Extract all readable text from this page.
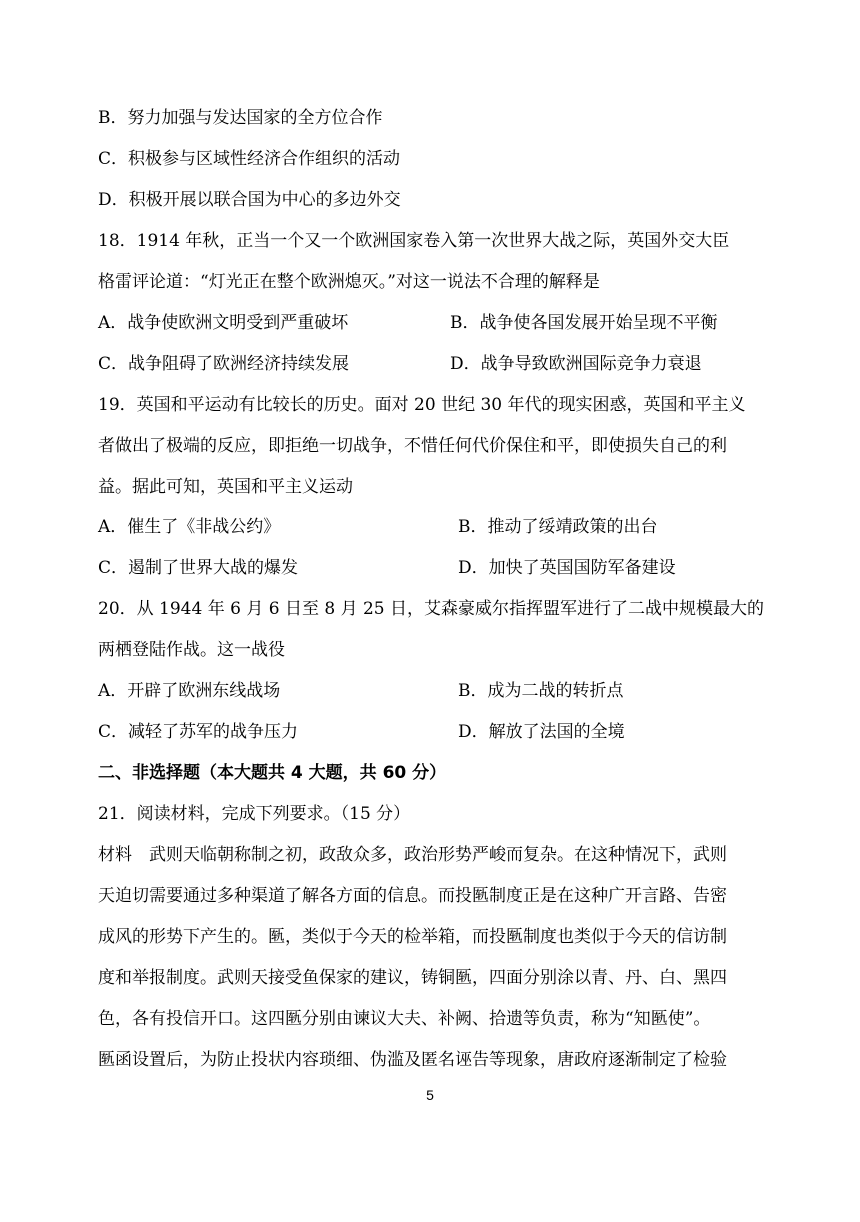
B．努力加强与发达国家的全方位合作
C．积极参与区域性经济合作组织的活动
D．积极开展以联合国为中心的多边外交
18．1914 年秋，正当一个又一个欧洲国家卷入第一次世界大战之际，英国外交大臣
格雷评论道：“灯光正在整个欧洲熄灭。”对这一说法不合理的解释是
A．战争使欧洲文明受到严重破坏	B．战争使各国发展开始呈现不平衡
C．战争阻碍了欧洲经济持续发展	D．战争导致欧洲国际竞争力衰退
19．英国和平运动有比较长的历史。面对 20 世纪 30 年代的现实困惑，英国和平主义
者做出了极端的反应，即拒绝一切战争，不惜任何代价保住和平，即使损失自己的利
益。据此可知，英国和平主义运动
A．催生了《非战公约》	B．推动了绥靖政策的出台
C．遏制了世界大战的爆发	D．加快了英国国防军备建设
20．从 1944 年 6 月 6 日至 8 月 25 日，艾森豪威尔指挥盟军进行了二战中规模最大的
两栖登陆作战。这一战役
A．开辟了欧洲东线战场	B．成为二战的转折点
C．减轻了苏军的战争压力	D．解放了法国的全境
二、非选择题（本大题共 4 大题，共 60 分）
21．阅读材料，完成下列要求。（15 分）
材料　武则天临朝称制之初，政敌众多，政治形势严峻而复杂。在这种情况下，武则
天迫切需要通过多种渠道了解各方面的信息。而投匦制度正是在这种广开言路、告密
成风的形势下产生的。匦，类似于今天的检举箱，而投匦制度也类似于今天的信访制
度和举报制度。武则天接受鱼保家的建议，铸铜匦，四面分别涂以青、丹、白、黑四
色，各有投信开口。这四匦分别由谏议大夫、补阙、拾遗等负责，称为“知匦使”。
匦函设置后，为防止投状内容琐细、伪滥及匿名诬告等现象，唐政府逐渐制定了检验
5
